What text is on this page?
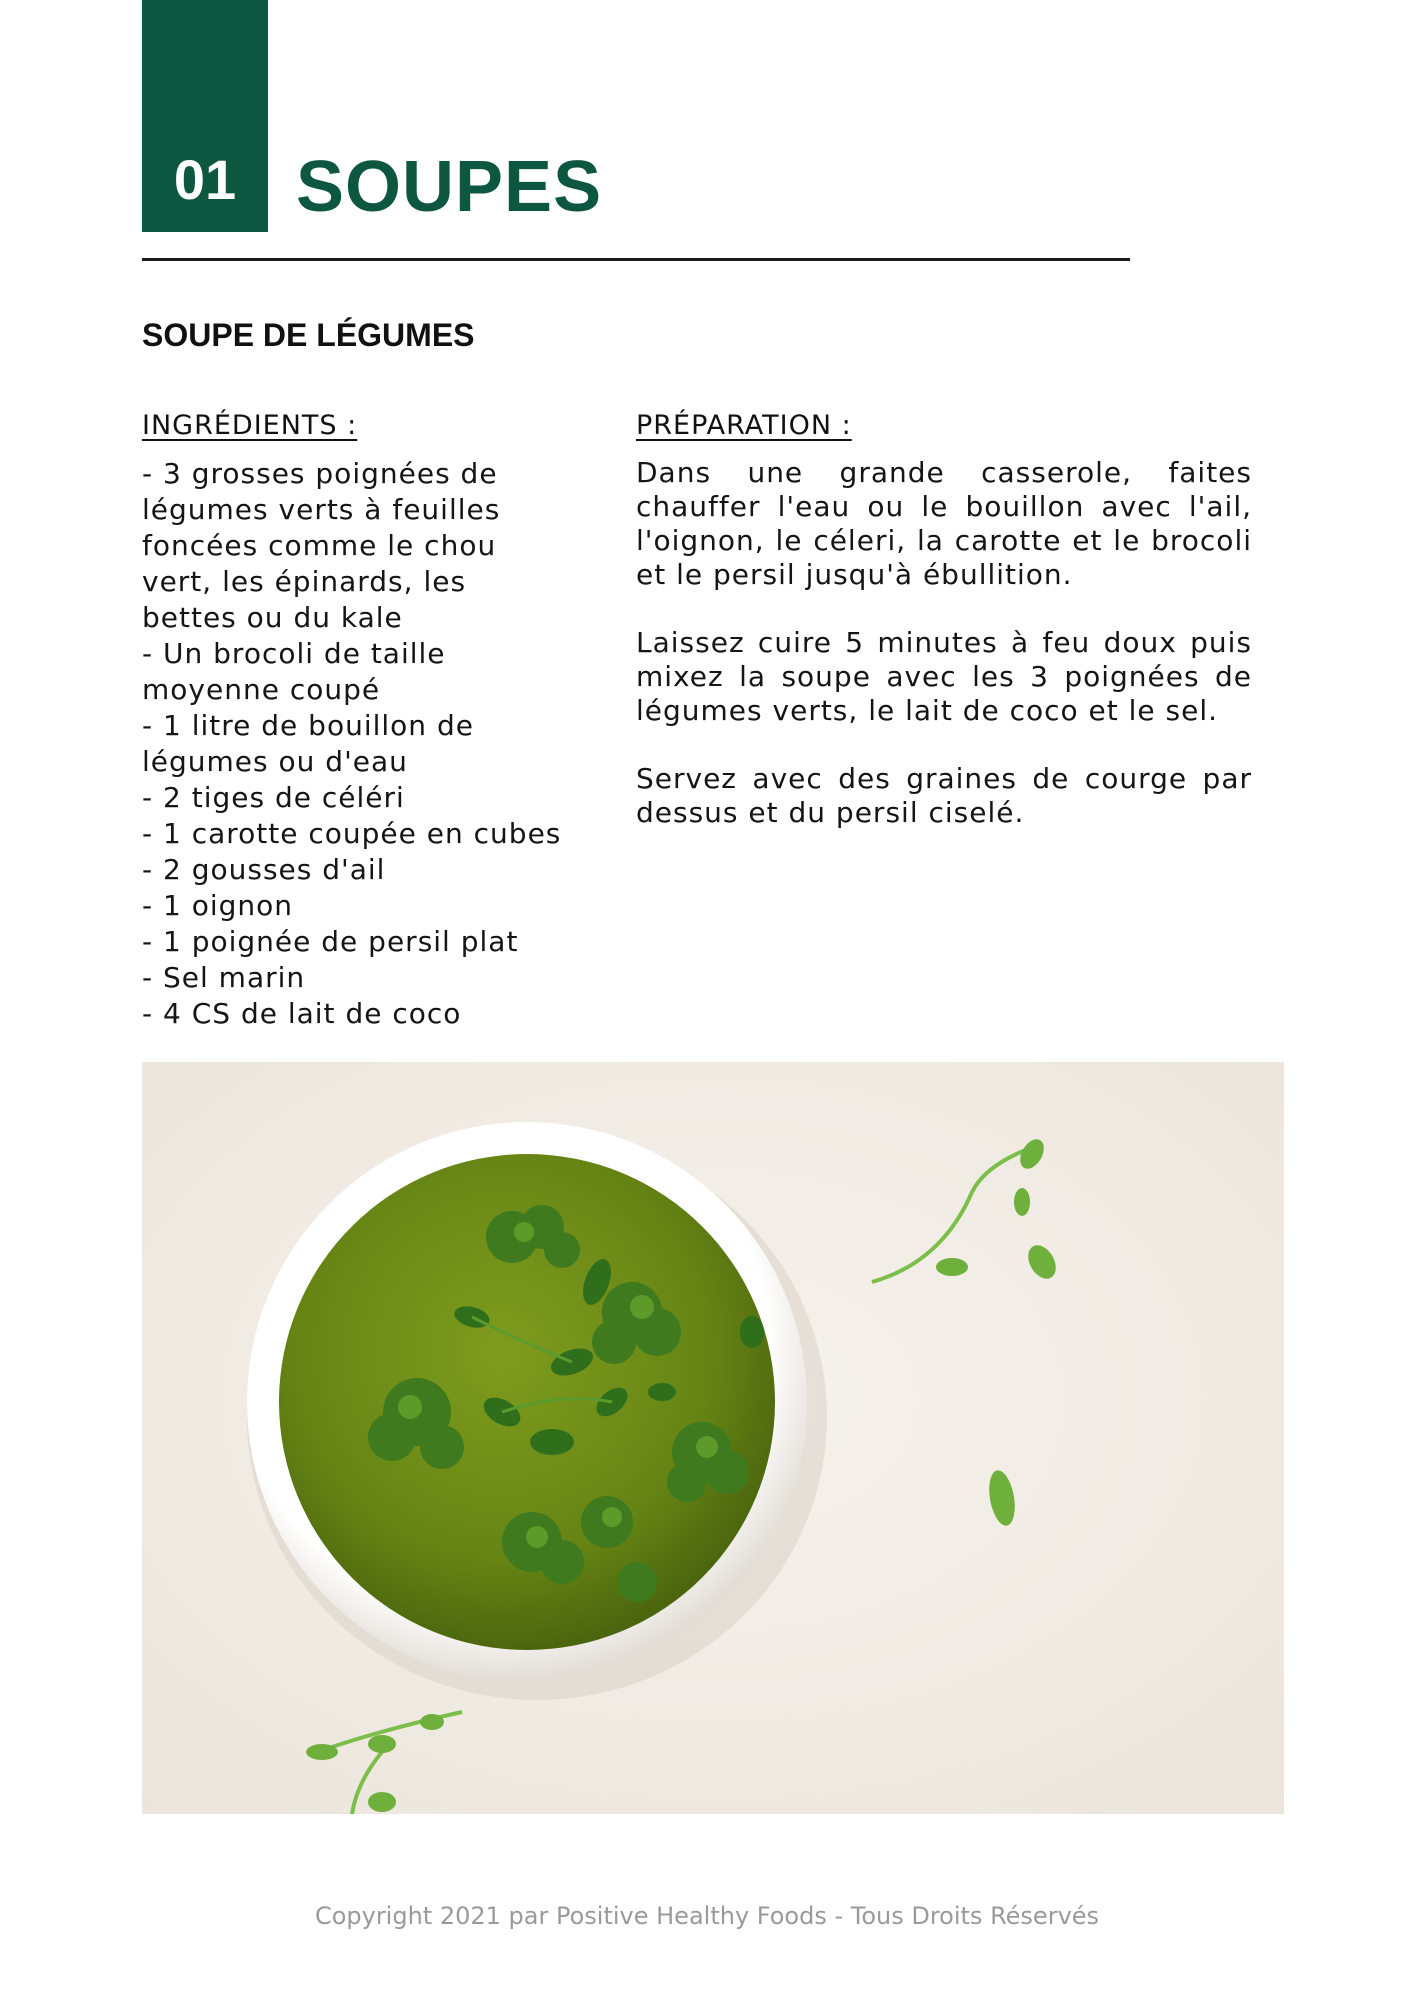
01 SOUPES
SOUPE DE LÉGUMES
INGRÉDIENTS :	PRÉPARATION :
- 3 grosses poignées de
légumes verts à feuilles
foncées comme le chou
vert, les épinards, les
bettes ou du kale
- Un brocoli de taille
moyenne coupé
- 1 litre de bouillon de
légumes ou d'eau
- 2 tiges de céléri
- 1 carotte coupée en cubes
- 2 gousses d'ail
- 1 oignon
- 1 poignée de persil plat
- Sel marin
- 4 CS de lait de coco

Dans une grande casserole, faites chauffer l'eau ou le bouillon avec l'ail, l'oignon, le céleri, la carotte et le brocoli et le persil jusqu'à ébullition.

Laissez cuire 5 minutes à feu doux puis mixez la soupe avec les 3 poignées de légumes verts, le lait de coco et le sel.

Servez avec des graines de courge par dessus et du persil ciselé.

Copyright 2021 par Positive Healthy Foods - Tous Droits Réservés
